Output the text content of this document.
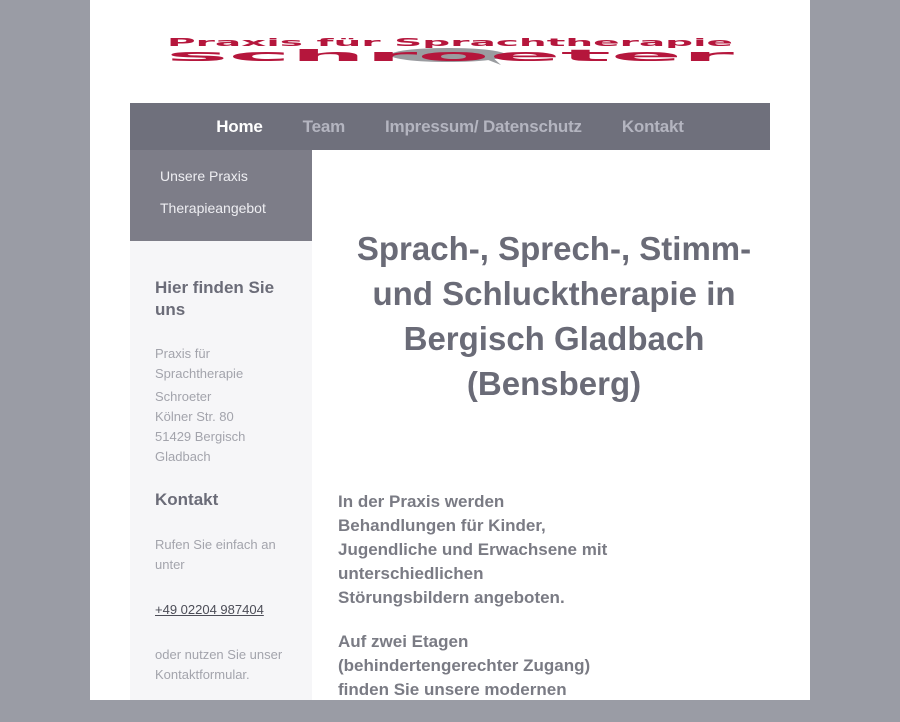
Praxis für Sprachtherapie
schroeter
Home Team Impressum/ Datenschutz Kontakt
Unsere Praxis
Therapieangebot
Hier finden Sie uns

Praxis für

Sprachtherapie

Schroeter

Kölner Str. 80

51429 Bergisch

Gladbach

Kontakt

Rufen Sie einfach an unter

+49 02204 987404

oder nutzen Sie unser Kontaktformular.

Sprach-, Sprech-, Stimm- und Schlucktherapie in Bergisch Gladbach (Bensberg)

In der Praxis werden Behandlungen für Kinder, Jugendliche und Erwachsene mit unterschiedlichen Störungsbildern angeboten.

Auf zwei Etagen (behindertengerechter Zugang) finden Sie unsere modernen
